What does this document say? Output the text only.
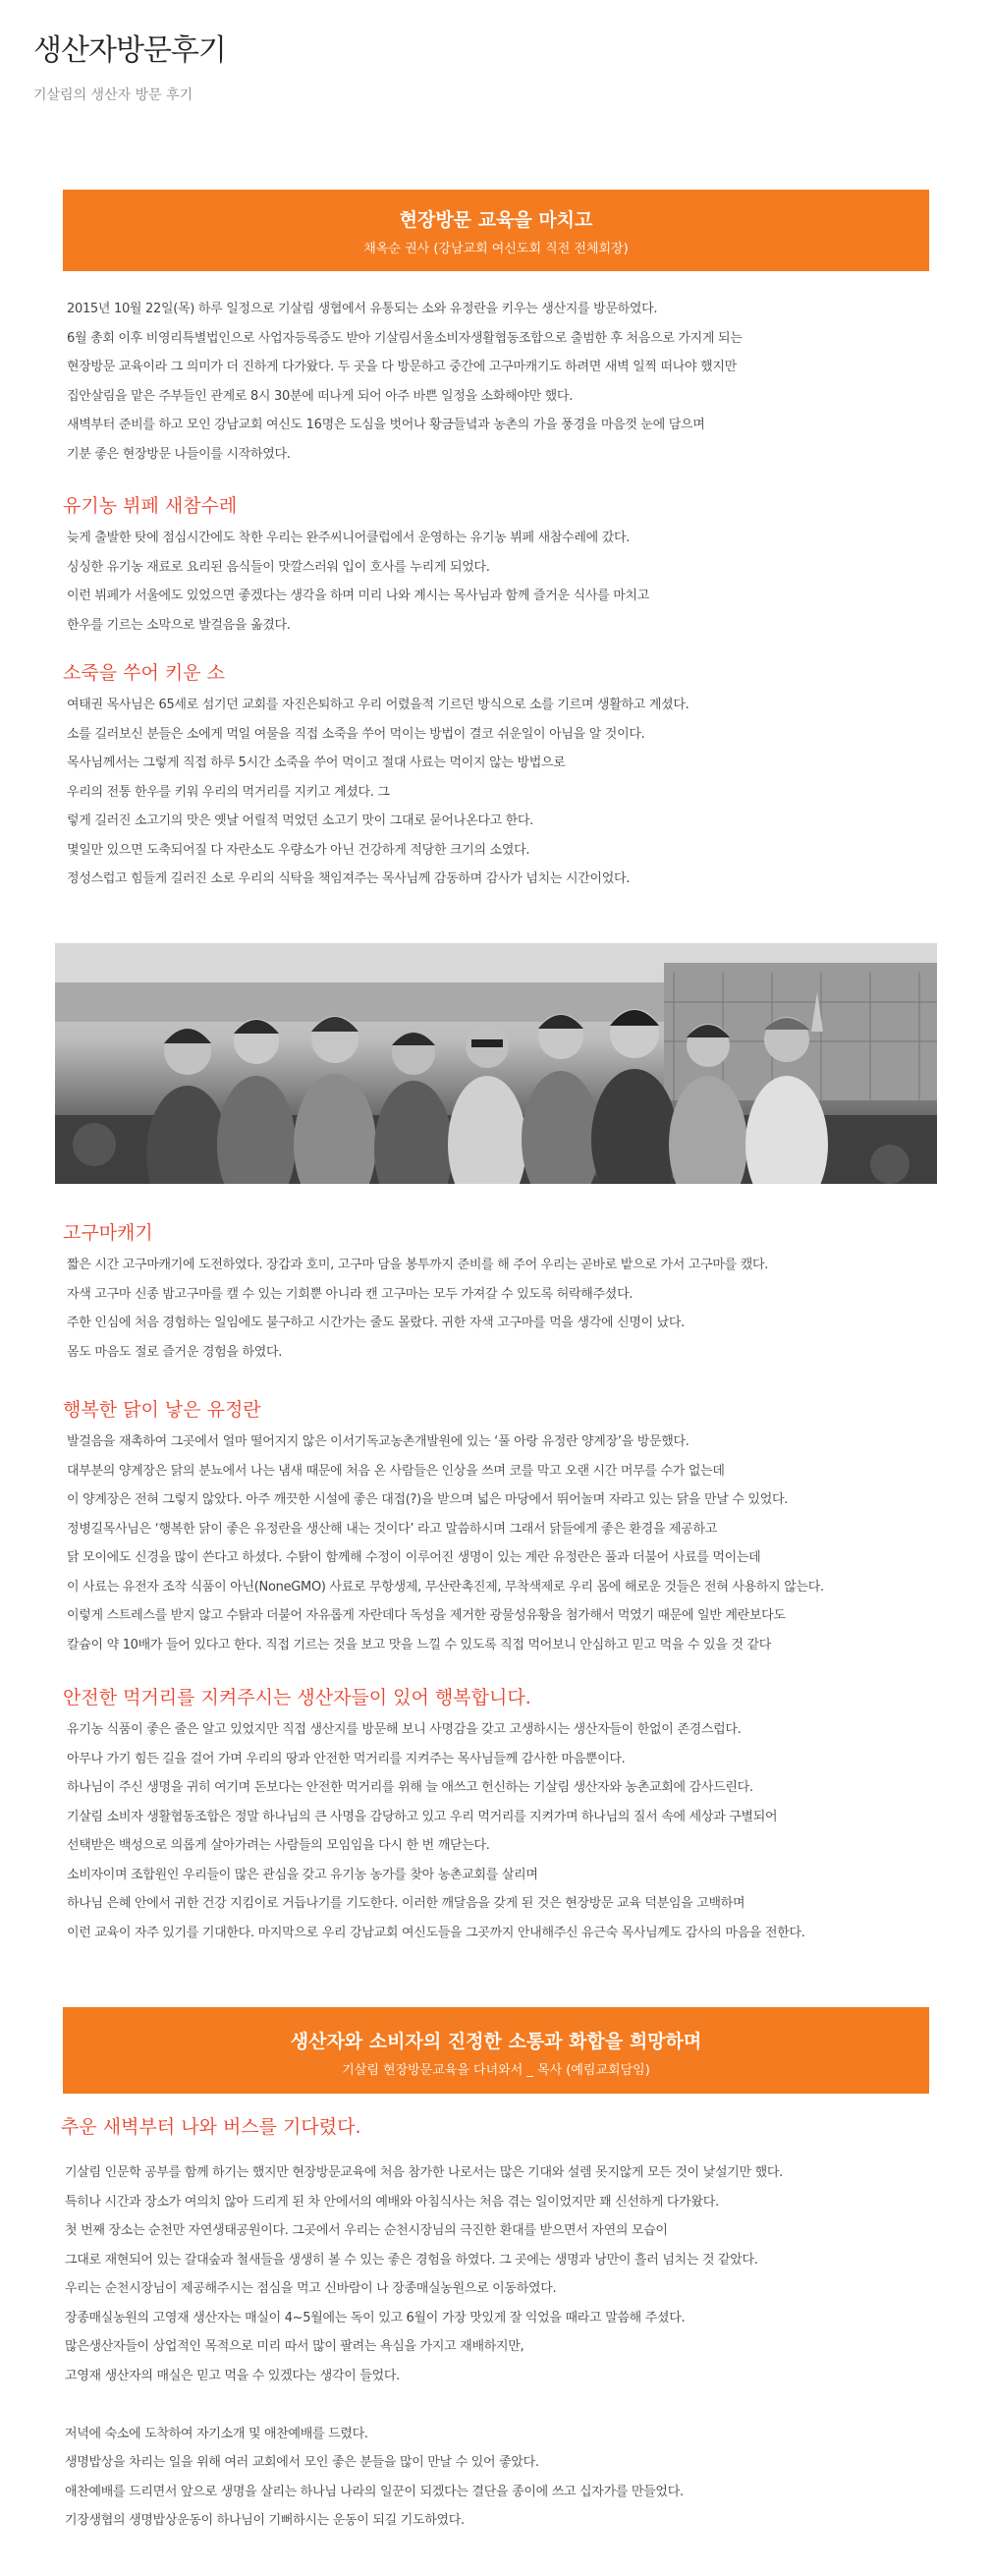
생산자방문후기
기살림의 생산자 방문 후기
현장방문 교육을 마치고
채옥순 권사 (강남교회 여신도회 직전 전체회장)
2015년 10월 22일(목) 하루 일정으로 기살림 생협에서 유통되는 소와 유정란을 키우는 생산지를 방문하였다.
6월 총회 이후 비영리특별법인으로 사업자등록증도 받아 기살림서울소비자생활협동조합으로 출범한 후 처음으로 가지게 되는
현장방문 교육이라 그 의미가 더 진하게 다가왔다. 두 곳을 다 방문하고 중간에 고구마캐기도 하려면 새벽 일찍 떠나야 했지만
집안살림을 맡은 주부들인 관계로 8시 30분에 떠나게 되어 아주 바쁜 일정을 소화해야만 했다.
새벽부터 준비를 하고 모인 강남교회 여신도 16명은 도심을 벗어나 황금들녘과 농촌의 가을 풍경을 마음껏 눈에 담으며
기분 좋은 현장방문 나들이를 시작하였다.
유기농 뷔페 새참수레
늦게 출발한 탓에 점심시간에도 착한 우리는 완주씨니어클럽에서 운영하는 유기농 뷔페 새참수레에 갔다.
싱싱한 유기농 재료로 요리된 음식들이 맛깔스러워 입이 호사를 누리게 되었다.
이런 뷔페가 서울에도 있었으면 좋겠다는 생각을 하며 미리 나와 계시는 목사님과 함께 즐거운 식사를 마치고
한우를 기르는 소막으로 발걸음을 옮겼다.
소죽을 쑤어 키운 소
여태권 목사님은 65세로 섬기던 교회를 자진은퇴하고 우리 어렸을적 기르던 방식으로 소를 기르며 생활하고 계셨다.
소를 길러보신 분들은 소에게 먹일 여물을 직접 소죽을 쑤어 먹이는 방법이 결코 쉬운일이 아님을 알 것이다.
목사님께서는 그렇게 직접 하루 5시간 소죽을 쑤어 먹이고 절대 사료는 먹이지 않는 방법으로
우리의 전통 한우를 키워 우리의 먹거리를 지키고 계셨다. 그
렇게 길러진 소고기의 맛은 옛날 어릴적 먹었던 소고기 맛이 그대로 묻어나온다고 한다.
몇일만 있으면 도축되어질 다 자란소도 우량소가 아닌 건강하게 적당한 크기의 소였다.
정성스럽고 힘들게 길러진 소로 우리의 식탁을 책임져주는 목사님께 감동하며 감사가 넘치는 시간이었다.
고구마캐기
짧은 시간 고구마캐기에 도전하였다. 장갑과 호미, 고구마 담을 봉투까지 준비를 해 주어 우리는 곧바로 밭으로 가서 고구마를 캤다.
자색 고구마 신종 밤고구마를 캘 수 있는 기회뿐 아니라 캔 고구마는 모두 가져갈 수 있도록 허락해주셨다.
주한 인심에 처음 경험하는 일임에도 불구하고 시간가는 줄도 몰랐다. 귀한 자색 고구마를 먹을 생각에 신명이 났다.
몸도 마음도 절로 즐거운 경험을 하였다.
행복한 닭이 낳은 유정란
발걸음을 재촉하여 그곳에서 얼마 떨어지지 않은 이서기독교농촌개발원에 있는 ‘풀 아랑 유정란 양계장’을 방문했다.
대부분의 양계장은 닭의 분뇨에서 나는 냄새 때문에 처음 온 사람들은 인상을 쓰며 코를 막고 오랜 시간 머무를 수가 없는데
이 양계장은 전혀 그렇지 않았다. 아주 깨끗한 시설에 좋은 대접(?)을 받으며 넓은 마당에서 뛰어놀며 자라고 있는 닭을 만날 수 있었다.
정병길목사님은 ‘행복한 닭이 좋은 유정란을 생산해 내는 것이다’ 라고 말씀하시며 그래서 닭들에게 좋은 환경을 제공하고
닭 모이에도 신경을 많이 쓴다고 하셨다. 수탉이 함께해 수정이 이루어진 생명이 있는 계란 유정란은 풀과 더불어 사료를 먹이는데
이 사료는 유전자 조작 식품이 아닌(NoneGMO) 사료로 무항생제, 무산란촉진제, 무착색제로 우리 몸에 해로운 것들은 전혀 사용하지 않는다.
이렇게 스트레스를 받지 않고 수탉과 더불어 자유롭게 자란데다 독성을 제거한 광물성유황을 첨가해서 먹였기 때문에 일반 계란보다도
칼슘이 약 10배가 들어 있다고 한다. 직접 기르는 것을 보고 맛을 느낄 수 있도록 직접 먹어보니 안심하고 믿고 먹을 수 있을 것 같다
안전한 먹거리를 지켜주시는 생산자들이 있어 행복합니다.
유기농 식품이 좋은 줄은 알고 있었지만 직접 생산지를 방문해 보니 사명감을 갖고 고생하시는 생산자들이 한없이 존경스럽다.
아무나 가기 힘든 길을 걸어 가며 우리의 땅과 안전한 먹거리를 지켜주는 목사님들께 감사한 마음뿐이다.
하나님이 주신 생명을 귀히 여기며 돈보다는 안전한 먹거리를 위해 늘 애쓰고 헌신하는 기살림 생산자와 농촌교회에 감사드린다.
기살림 소비자 생활협동조합은 정말 하나님의 큰 사명을 감당하고 있고 우리 먹거리를 지켜가며 하나님의 질서 속에 세상과 구별되어
선택받은 백성으로 의롭게 살아가려는 사람들의 모임임을 다시 한 번 깨닫는다.
소비자이며 조합원인 우리들이 많은 관심을 갖고 유기농 농가를 찾아 농촌교회를 살리며
하나님 은혜 안에서 귀한 건강 지킴이로 거듭나기를 기도한다. 이러한 깨달음을 갖게 된 것은 현장방문 교육 덕분임을 고백하며
이런 교육이 자주 있기를 기대한다. 마지막으로 우리 강남교회 여신도들을 그곳까지 안내해주신 유근숙 목사님께도 감사의 마음을 전한다.
생산자와 소비자의 진정한 소통과 화합을 희망하며
기살림 현장방문교육을 다녀와서 _ 목사 (예림교회담임)
추운 새벽부터 나와 버스를 기다렸다.
기살림 인문학 공부를 함께 하기는 했지만 현장방문교육에 처음 참가한 나로서는 많은 기대와 설렘 못지않게 모든 것이 낯설기만 했다.
특히나 시간과 장소가 여의치 않아 드리게 된 차 안에서의 예배와 아침식사는 처음 겪는 일이었지만 꽤 신선하게 다가왔다.
첫 번째 장소는 순천만 자연생태공원이다. 그곳에서 우리는 순천시장님의 극진한 환대를 받으면서 자연의 모습이
그대로 재현되어 있는 갈대숲과 철새들을 생생히 볼 수 있는 좋은 경험을 하였다. 그 곳에는 생명과 낭만이 흘러 넘치는 것 같았다.
우리는 순천시장님이 제공해주시는 점심을 먹고 신바람이 나 장종매실농원으로 이동하였다.
장종매실농원의 고영재 생산자는 매실이 4~5월에는 독이 있고 6월이 가장 맛있게 잘 익었을 때라고 말씀해 주셨다.
많은생산자들이 상업적인 목적으로 미리 따서 많이 팔려는 욕심을 가지고 재배하지만,
고영재 생산자의 매실은 믿고 먹을 수 있겠다는 생각이 들었다.
저녁에 숙소에 도착하여 자기소개 및 애찬예배를 드렸다.
생명밥상을 차리는 일을 위해 여러 교회에서 모인 좋은 분들을 많이 만날 수 있어 좋았다.
애찬예배를 드리면서 앞으로 생명을 살리는 하나님 나라의 일꾼이 되겠다는 결단을 종이에 쓰고 십자가를 만들었다.
기장생협의 생명밥상운동이 하나님이 기뻐하시는 운동이 되길 기도하였다.
